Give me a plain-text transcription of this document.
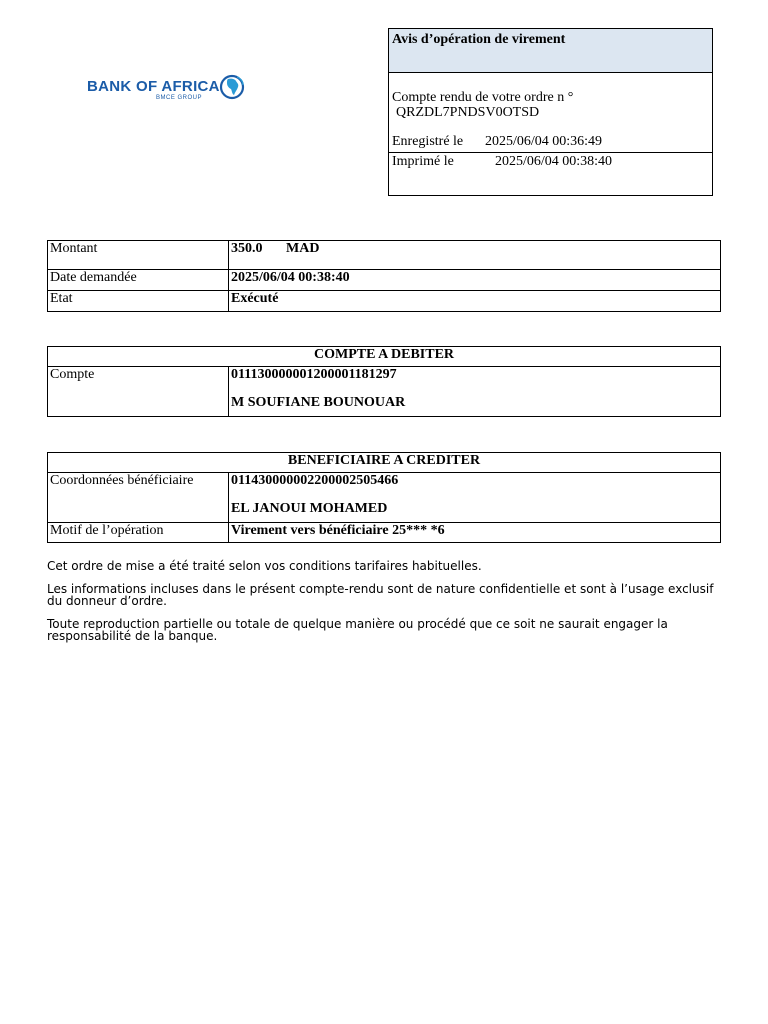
BANK OF AFRICA
BMCE GROUP
Avis d’opération de virement
Compte rendu de votre ordre n °
QRZDL7PNDSV0OTSD
Enregistré le 2025/06/04 00:36:49
Imprimé le	2025/06/04 00:38:40
Montant	350.0 MAD
Date demandée	2025/06/04 00:38:40
Etat	Exécuté
COMPTE A DEBITER
Compte	011130000001200001181297
M SOUFIANE BOUNOUAR
BENEFICIAIRE A CREDITER	
Coordonnées bénéficiaire	011430000002200002505466
EL JANOUI MOHAMED

Motif de l’opération	Virement vers bénéficiaire 25*** *6

Cet ordre de mise a été traité selon vos conditions tarifaires habituelles.

Les informations incluses dans le présent compte-rendu sont de nature confidentielle et sont à l’usage exclusif du donneur d’ordre.

Toute reproduction partielle ou totale de quelque manière ou procédé que ce soit ne saurait engager la responsabilité de la banque.
